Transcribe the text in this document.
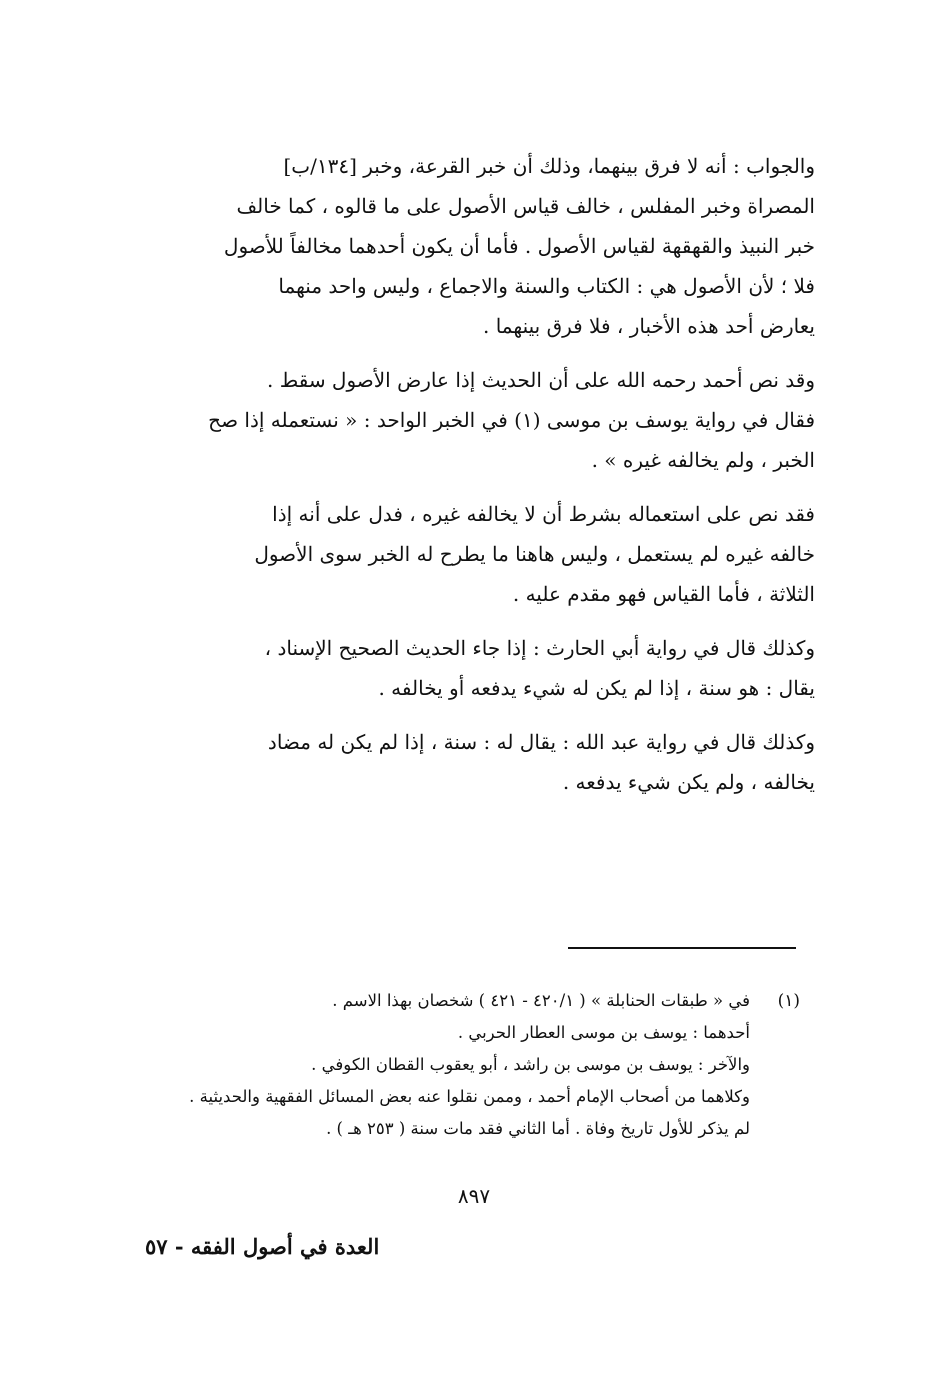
والجواب : أنه لا فرق بينهما، وذلك أن خبر القرعة، وخبر [١٣٤/ب]
المصراة وخبر المفلس ، خالف قياس الأصول على ما قالوه ، كما خالف
خبر النبيذ والقهقهة لقياس الأصول . فأما أن يكون أحدهما مخالفاً للأصول
فلا ؛ لأن الأصول هي : الكتاب والسنة والاجماع ، وليس واحد منهما
يعارض أحد هذه الأخبار ، فلا فرق بينهما .
وقد نص أحمد رحمه الله على أن الحديث إذا عارض الأصول سقط .
فقال في رواية يوسف بن موسى (١) في الخبر الواحد : « نستعمله إذا صح
الخبر ، ولم يخالفه غيره » .
فقد نص على استعماله بشرط أن لا يخالفه غيره ، فدل على أنه إذا
خالفه غيره لم يستعمل ، وليس هاهنا ما يطرح له الخبر سوى الأصول
الثلاثة ، فأما القياس فهو مقدم عليه .
وكذلك قال في رواية أبي الحارث : إذا جاء الحديث الصحيح الإسناد ،
يقال : هو سنة ، إذا لم يكن له شيء يدفعه أو يخالفه .
وكذلك قال في رواية عبد الله : يقال له : سنة ، إذا لم يكن له مضاد
يخالفه ، ولم يكن شيء يدفعه .
(١)
في « طبقات الحنابلة » ( ٤٢٠/١ - ٤٢١ ) شخصان بهذا الاسم .
أحدهما : يوسف بن موسى العطار الحربي .
والآخر : يوسف بن موسى بن راشد ، أبو يعقوب القطان الكوفي .
وكلاهما من أصحاب الإمام أحمد ، وممن نقلوا عنه بعض المسائل الفقهية والحديثية .
لم يذكر للأول تاريخ وفاة . أما الثاني فقد مات سنة ( ٢٥٣ هـ ) .
٨٩٧
العدة في أصول الفقه - ٥٧
